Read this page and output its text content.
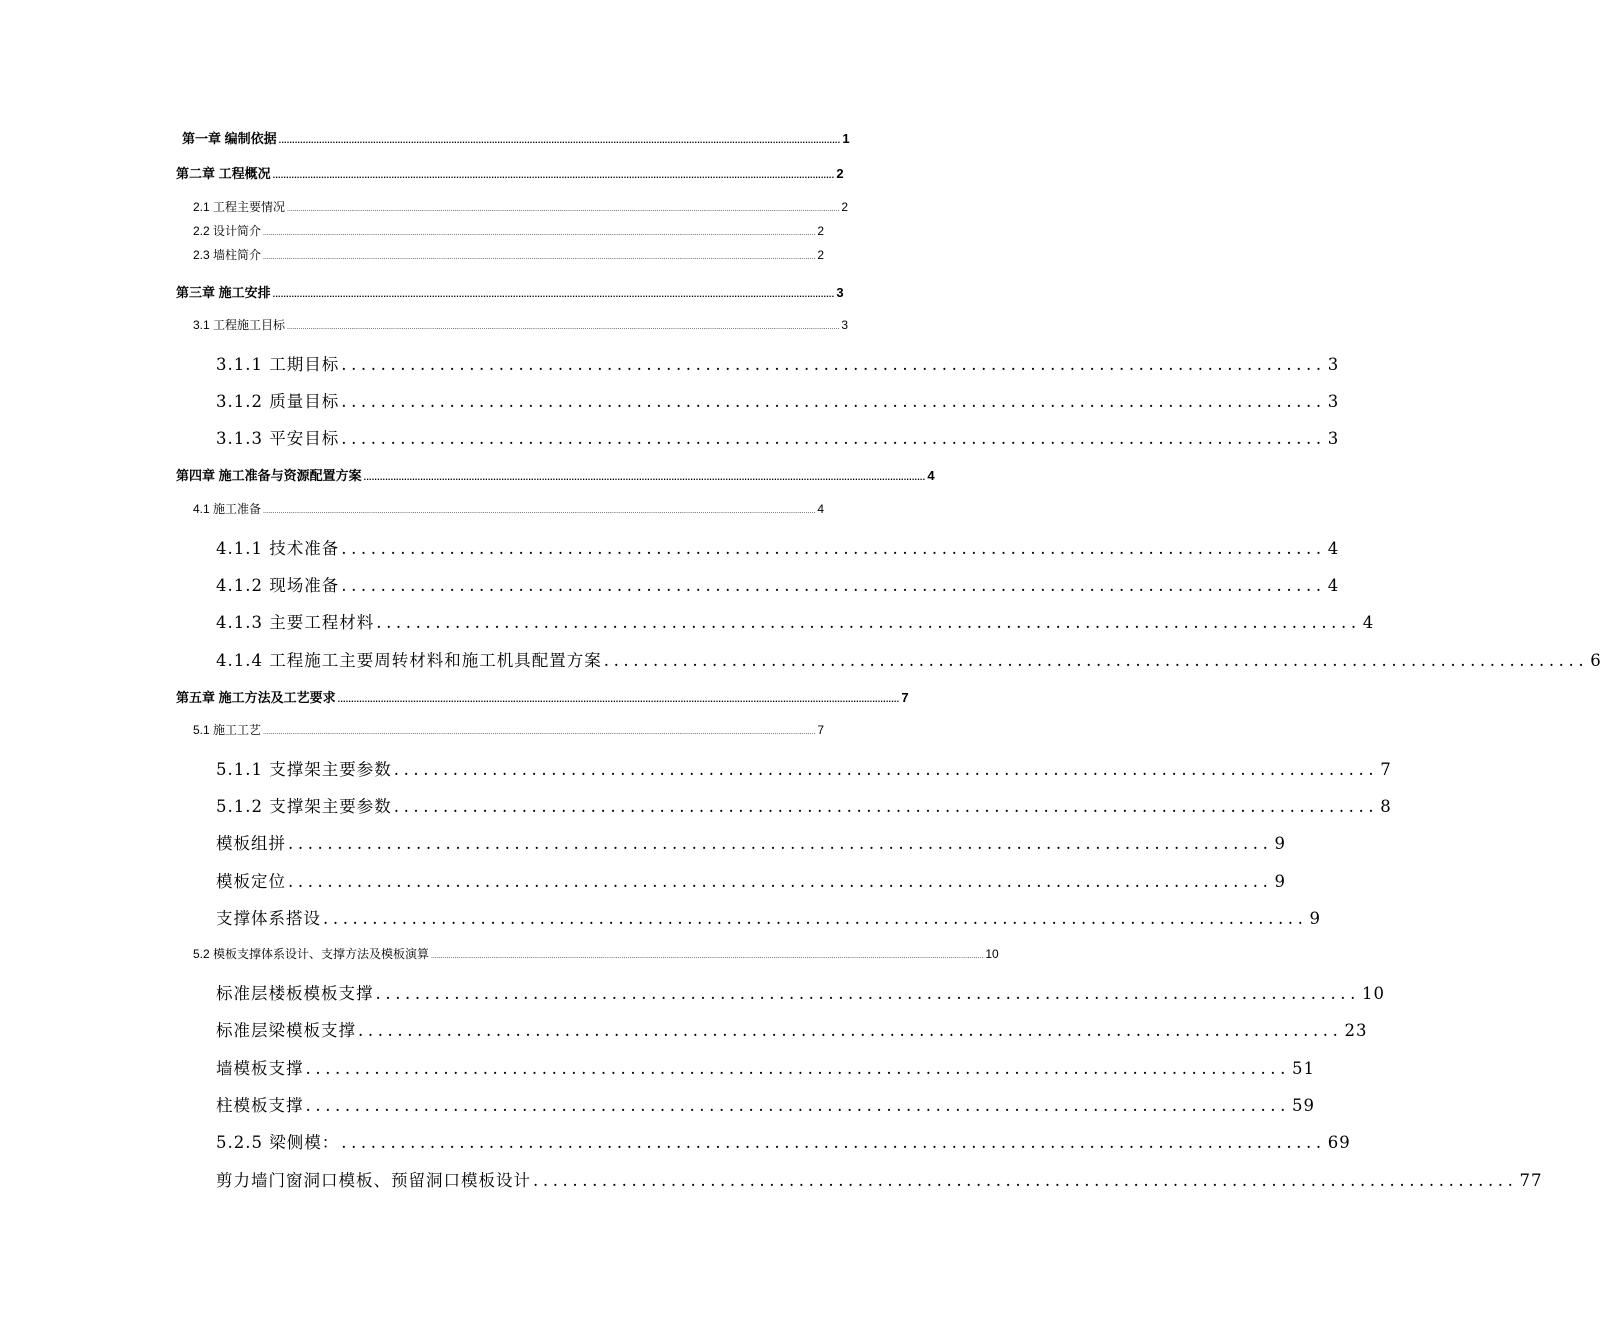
第一章 编制依据 ................................................................................................................................................................................................................ 1
第二章 工程概况 ................................................................................................................................................................................................................ 2
2.1 工程主要情况 ............................................................................................................................................................................................................................................................................................ 2
2.2 设计简介 ............................................................................................................................................................................................................................................................................................ 2
2.3 墙柱简介 ............................................................................................................................................................................................................................................................................................ 2
第三章 施工安排 ................................................................................................................................................................................................................ 3
3.1 工程施工目标 ............................................................................................................................................................................................................................................................................................ 3
3.1.1 工期目标 .................................................................................................... 3
3.1.2 质量目标 .................................................................................................... 3
3.1.3 平安目标 .................................................................................................... 3
第四章 施工准备与资源配置方案 ................................................................................................................................................................................................................ 4
4.1 施工准备 ............................................................................................................................................................................................................................................................................................ 4
4.1.1 技术准备 .................................................................................................... 4
4.1.2 现场准备 .................................................................................................... 4
4.1.3 主要工程材料 .................................................................................................... 4
4.1.4 工程施工主要周转材料和施工机具配置方案 .................................................................................................... 6
第五章 施工方法及工艺要求 ................................................................................................................................................................................................................ 7
5.1 施工工艺 ............................................................................................................................................................................................................................................................................................ 7
5.1.1 支撑架主要参数 .................................................................................................... 7
5.1.2 支撑架主要参数 .................................................................................................... 8
模板组拼 .................................................................................................... 9
模板定位 .................................................................................................... 9
支撑体系搭设 .................................................................................................... 9
5.2 模板支撑体系设计、支撑方法及模板演算 ............................................................................................................................................................................................................................................................................................ 10
标准层楼板模板支撑 .................................................................................................... 10
标准层梁模板支撑 .................................................................................................... 23
墙模板支撑 .................................................................................................... 51
柱模板支撑 .................................................................................................... 59
5.2.5 梁侧模： .................................................................................................... 69
剪力墙门窗洞口模板、预留洞口模板设计 .................................................................................................... 77
